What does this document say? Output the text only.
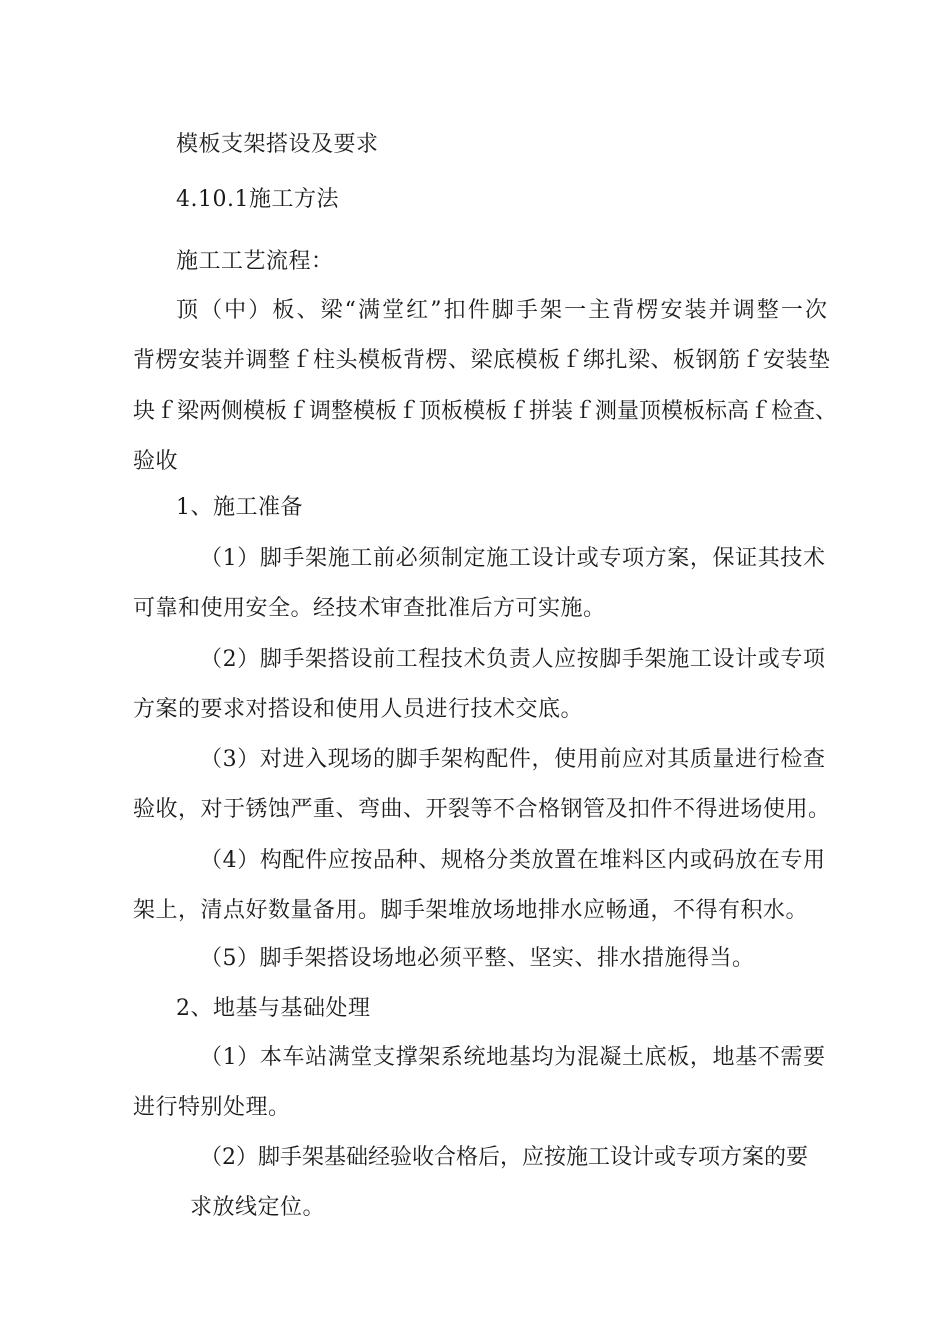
模板支架搭设及要求
4.10.1施工方法
施工工艺流程：
顶（中）板、梁“满堂红”扣件脚手架一主背楞安装并调整一次
背楞安装并调整ｆ柱头模板背楞、梁底模板ｆ绑扎梁、板钢筋ｆ安装垫
块ｆ梁两侧模板ｆ调整模板ｆ顶板模板ｆ拼装ｆ测量顶模板标高ｆ检查、
验收
1、施工准备
（1）脚手架施工前必须制定施工设计或专项方案，保证其技术
可靠和使用安全。经技术审查批准后方可实施。
（2）脚手架搭设前工程技术负责人应按脚手架施工设计或专项
方案的要求对搭设和使用人员进行技术交底。
（3）对进入现场的脚手架构配件，使用前应对其质量进行检查
验收，对于锈蚀严重、弯曲、开裂等不合格钢管及扣件不得进场使用。
（4）构配件应按品种、规格分类放置在堆料区内或码放在专用
架上，清点好数量备用。脚手架堆放场地排水应畅通，不得有积水。
（5）脚手架搭设场地必须平整、坚实、排水措施得当。
2、地基与基础处理
（1）本车站满堂支撑架系统地基均为混凝土底板，地基不需要
进行特别处理。
（2）脚手架基础经验收合格后，应按施工设计或专项方案的要
求放线定位。
